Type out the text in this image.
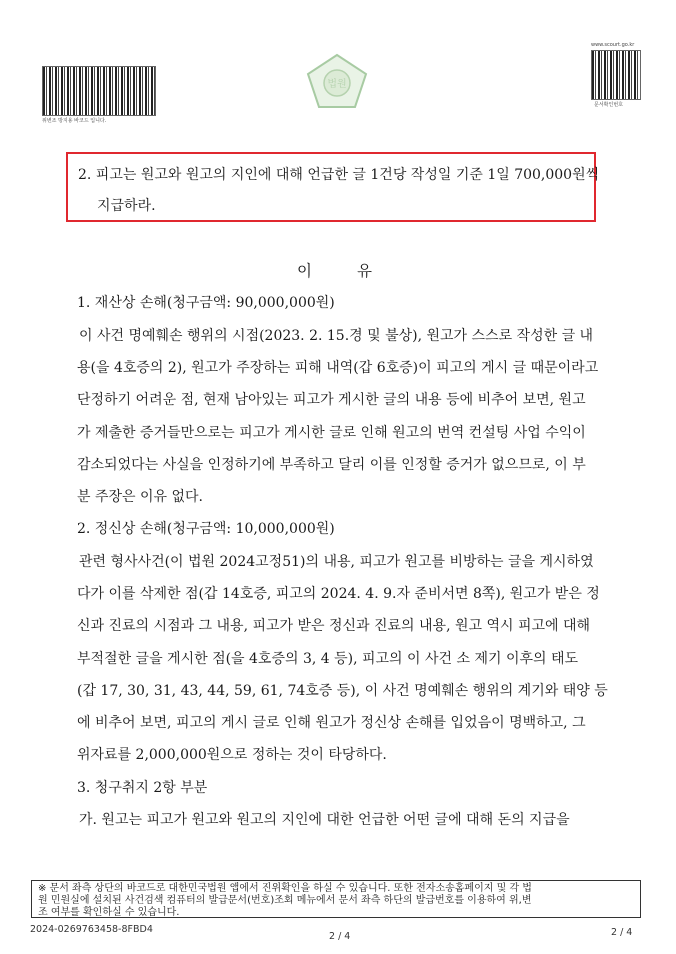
위변조 방지용 바코드 입니다.
법원
www.scourt.go.kr
문서확인번호
2. 피고는 원고와 원고의 지인에 대해 언급한 글 1건당 작성일 기준 1일 700,000원씩
지급하라.
이	유
1. 재산상 손해(청구금액: 90,000,000원)
이 사건 명예훼손 행위의 시점(2023. 2. 15.경 및 불상), 원고가 스스로 작성한 글 내
용(을 4호증의 2), 원고가 주장하는 피해 내역(갑 6호증)이 피고의 게시 글 때문이라고
단정하기 어려운 점, 현재 남아있는 피고가 게시한 글의 내용 등에 비추어 보면, 원고
가 제출한 증거들만으로는 피고가 게시한 글로 인해 원고의 번역 컨설팅 사업 수익이
감소되었다는 사실을 인정하기에 부족하고 달리 이를 인정할 증거가 없으므로, 이 부
분 주장은 이유 없다.
2. 정신상 손해(청구금액: 10,000,000원)
관련 형사사건(이 법원 2024고정51)의 내용, 피고가 원고를 비방하는 글을 게시하였
다가 이를 삭제한 점(갑 14호증, 피고의 2024. 4. 9.자 준비서면 8쪽), 원고가 받은 정
신과 진료의 시점과 그 내용, 피고가 받은 정신과 진료의 내용, 원고 역시 피고에 대해
부적절한 글을 게시한 점(을 4호증의 3, 4 등), 피고의 이 사건 소 제기 이후의 태도
(갑 17, 30, 31, 43, 44, 59, 61, 74호증 등), 이 사건 명예훼손 행위의 계기와 태양 등
에 비추어 보면, 피고의 게시 글로 인해 원고가 정신상 손해를 입었음이 명백하고, 그
위자료를 2,000,000원으로 정하는 것이 타당하다.
3. 청구취지 2항 부분
가. 원고는 피고가 원고와 원고의 지인에 대한 언급한 어떤 글에 대해 돈의 지급을
※ 문서 좌측 상단의 바코드로 대한민국법원 앱에서 진위확인을 하실 수 있습니다. 또한 전자소송홈페이지 및 각 법
원 민원실에 설치된 사건검색 컴퓨터의 발급문서(번호)조회 메뉴에서 문서 좌측 하단의 발급번호를 이용하여 위,변
조 여부를 확인하실 수 있습니다.
2024-0269763458-8FBD4
2 / 4	2 / 4
